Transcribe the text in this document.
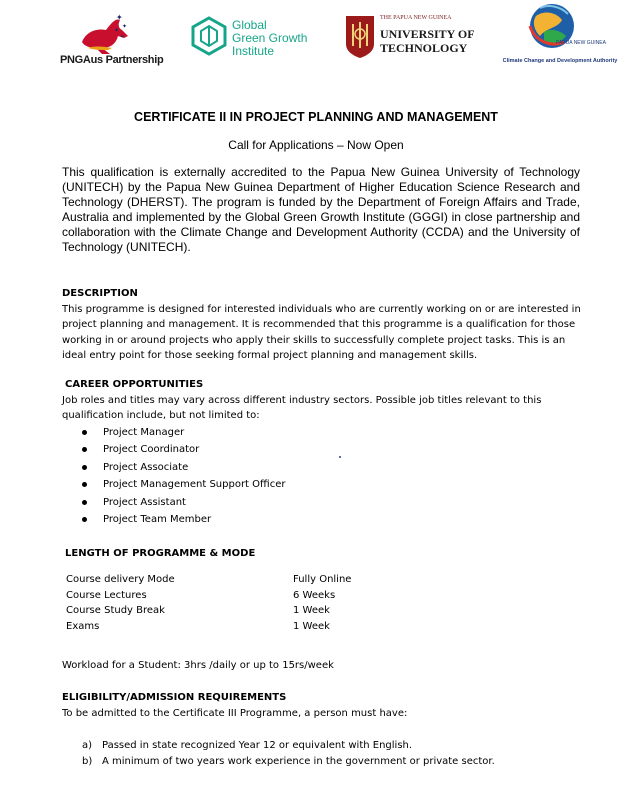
✦
✦
✦
✦
PNGAus Partnership
Global
Green Growth
Institute
THE PAPUA NEW GUINEA
UNIVERSITY OF
TECHNOLOGY	PAPUA NEW GUINEA
Climate Change and Development Authority
CERTIFICATE II IN PROJECT PLANNING AND MANAGEMENT
Call for Applications – Now Open

This qualification is externally accredited to the Papua New Guinea University of Technology (UNITECH) by the Papua New Guinea Department of Higher Education Science Research and Technology (DHERST). The program is funded by the Department of Foreign Affairs and Trade, Australia and implemented by the Global Green Growth Institute (GGGI) in close partnership and collaboration with the Climate Change and Development Authority (CCDA) and the University of Technology (UNITECH).

DESCRIPTION
This programme is designed for interested individuals who are currently working on or are interested in project planning and management. It is recommended that this programme is a qualification for those working in or around projects who apply their skills to successfully complete project tasks. This is an ideal entry point for those seeking formal project planning and management skills.
CAREER OPPORTUNITIES
Job roles and titles may vary across different industry sectors. Possible job titles relevant to this qualification include, but not limited to:
Project Manager
Project Coordinator
Project Associate
Project Management Support Officer
Project Assistant
Project Team Member
LENGTH OF PROGRAMME & MODE
Course delivery Mode	Fully Online
Course Lectures	6 Weeks
Course Study Break	1 Week
Exams	1 Week
Workload for a Student: 3hrs /daily or up to 15rs/week
ELIGIBILITY/ADMISSION REQUIREMENTS
To be admitted to the Certificate III Programme, a person must have:
a) Passed in state recognized Year 12 or equivalent with English.
b) A minimum of two years work experience in the government or private sector.
